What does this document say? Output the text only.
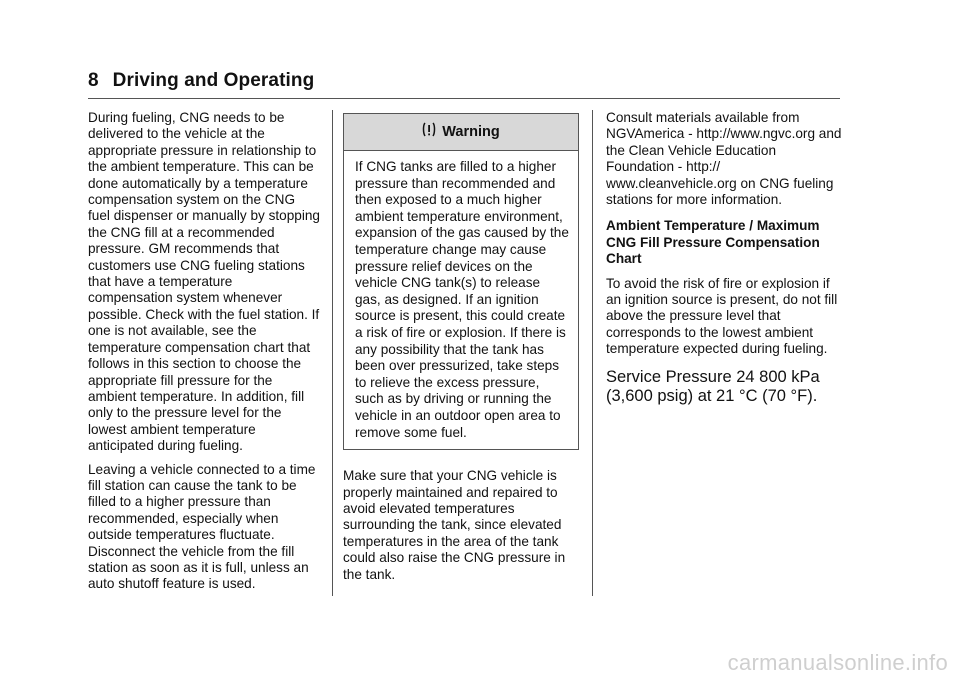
8 Driving and Operating

During fueling, CNG needs to be delivered to the vehicle at the appropriate pressure in relationship to the ambient temperature. This can be done automatically by a temperature compensation system on the CNG fuel dispenser or manually by stopping the CNG fill at a recommended pressure. GM recommends that customers use CNG fueling stations that have a temperature compensation system whenever possible. Check with the fuel station. If one is not available, see the temperature compensation chart that follows in this section to choose the appropriate fill pressure for the ambient temperature. In addition, fill only to the pressure level for the lowest ambient temperature anticipated during fueling.

Leaving a vehicle connected to a time fill station can cause the tank to be filled to a higher pressure than recommended, especially when outside temperatures fluctuate. Disconnect the vehicle from the fill station as soon as it is full, unless an auto shutoff feature is used.

Warning
If CNG tanks are filled to a higher pressure than recommended and then exposed to a much higher ambient temperature environment, expansion of the gas caused by the temperature change may cause pressure relief devices on the vehicle CNG tank(s) to release gas, as designed. If an ignition source is present, this could create a risk of fire or explosion. If there is any possibility that the tank has been over pressurized, take steps to relieve the excess pressure, such as by driving or running the vehicle in an outdoor open area to remove some fuel.

Make sure that your CNG vehicle is properly maintained and repaired to avoid elevated temperatures surrounding the tank, since elevated temperatures in the area of the tank could also raise the CNG pressure in the tank.

Consult materials available from NGVAmerica - http://www.ngvc.org and the Clean Vehicle Education Foundation - http:// www.cleanvehicle.org on CNG fueling stations for more information.

Ambient Temperature / Maximum CNG Fill Pressure Compensation Chart

To avoid the risk of fire or explosion if an ignition source is present, do not fill above the pressure level that corresponds to the lowest ambient temperature expected during fueling.

Service Pressure 24 800 kPa (3,600 psig) at 21 °C (70 °F).
carmanualsonline.info
